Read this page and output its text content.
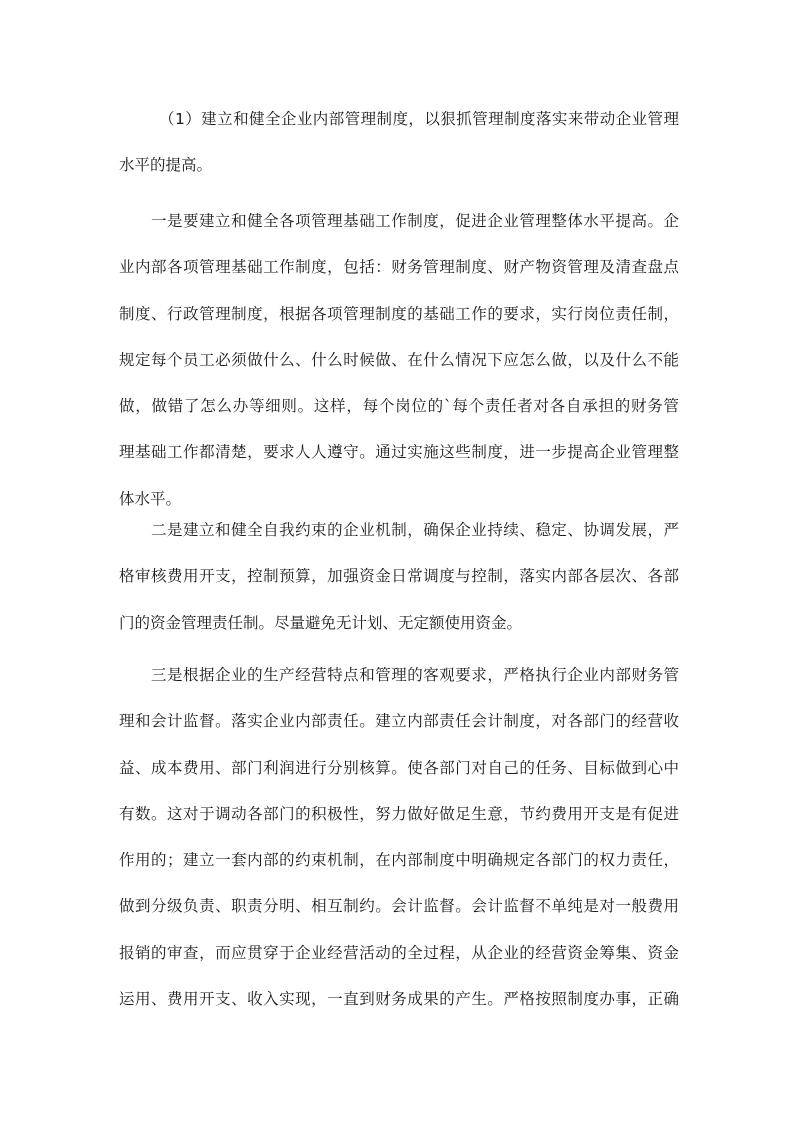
（1）建立和健全企业内部管理制度，以狠抓管理制度落实来带动企业管理
水平的提高。
一是要建立和健全各项管理基础工作制度，促进企业管理整体水平提高。企
业内部各项管理基础工作制度，包括：财务管理制度、财产物资管理及清查盘点
制度、行政管理制度，根据各项管理制度的基础工作的要求，实行岗位责任制，
规定每个员工必须做什么、什么时候做、在什么情况下应怎么做，以及什么不能
做，做错了怎么办等细则。这样，每个岗位的`每个责任者对各自承担的财务管
理基础工作都清楚，要求人人遵守。通过实施这些制度，进一步提高企业管理整
体水平。
二是建立和健全自我约束的企业机制，确保企业持续、稳定、协调发展，严
格审核费用开支，控制预算，加强资金日常调度与控制，落实内部各层次、各部
门的资金管理责任制。尽量避免无计划、无定额使用资金。
三是根据企业的生产经营特点和管理的客观要求，严格执行企业内部财务管
理和会计监督。落实企业内部责任。建立内部责任会计制度，对各部门的经营收
益、成本费用、部门利润进行分别核算。使各部门对自己的任务、目标做到心中
有数。这对于调动各部门的积极性，努力做好做足生意，节约费用开支是有促进
作用的；建立一套内部的约束机制，在内部制度中明确规定各部门的权力责任，
做到分级负责、职责分明、相互制约。会计监督。会计监督不单纯是对一般费用
报销的审查，而应贯穿于企业经营活动的全过程，从企业的经营资金筹集、资金
运用、费用开支、收入实现，一直到财务成果的产生。严格按照制度办事，正确
